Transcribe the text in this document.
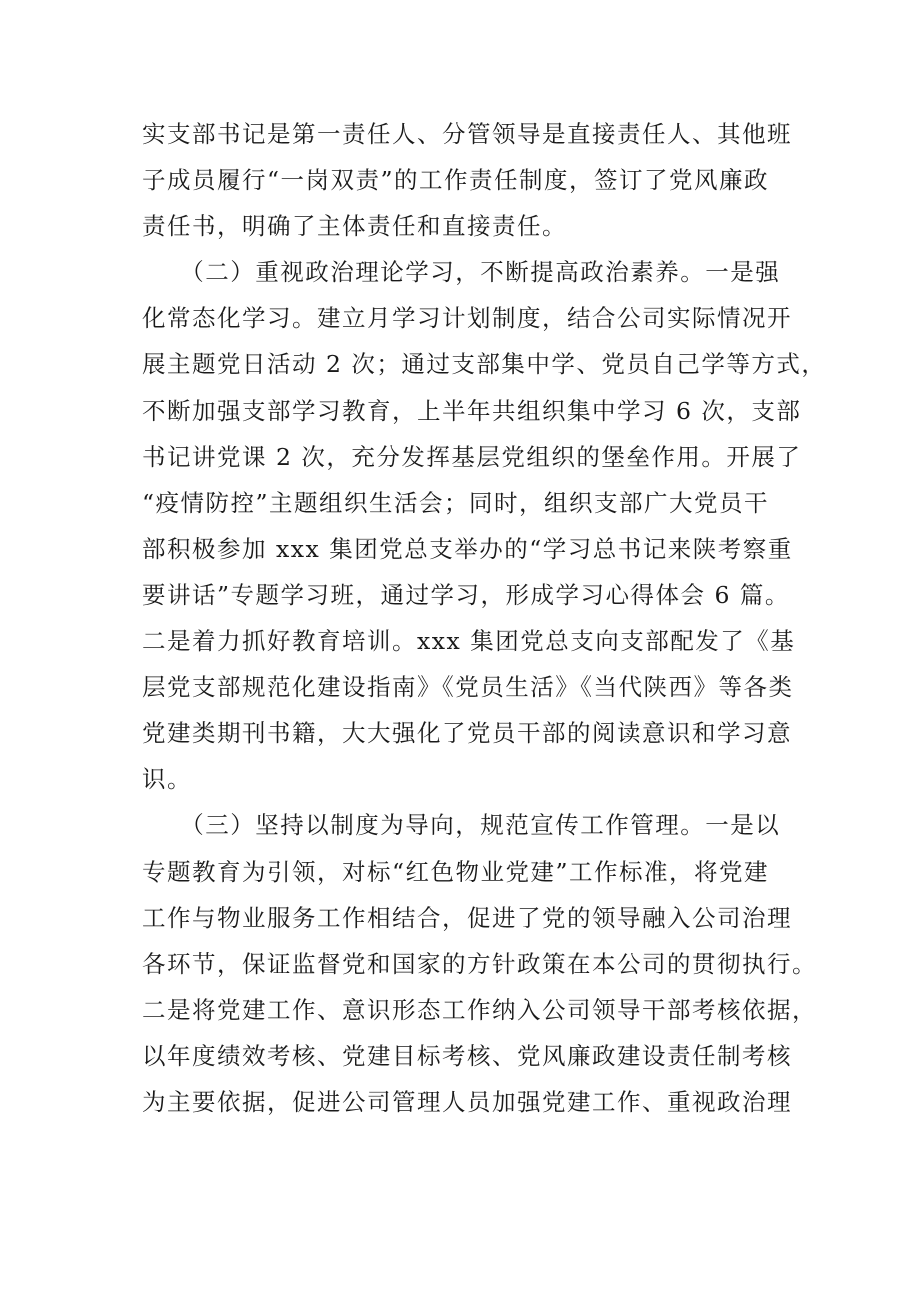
实支部书记是第一责任人、分管领导是直接责任人、其他班
子成员履行“一岗双责”的工作责任制度，签订了党风廉政
责任书，明确了主体责任和直接责任。
　　（二）重视政治理论学习，不断提高政治素养。一是强
化常态化学习。建立月学习计划制度，结合公司实际情况开
展主题党日活动 2 次；通过支部集中学、党员自己学等方式，
不断加强支部学习教育，上半年共组织集中学习 6 次，支部
书记讲党课 2 次，充分发挥基层党组织的堡垒作用。开展了
“疫情防控”主题组织生活会；同时，组织支部广大党员干
部积极参加 xxx 集团党总支举办的“学习总书记来陕考察重
要讲话”专题学习班，通过学习，形成学习心得体会 6 篇。
二是着力抓好教育培训。xxx 集团党总支向支部配发了《基
层党支部规范化建设指南》《党员生活》《当代陕西》等各类
党建类期刊书籍，大大强化了党员干部的阅读意识和学习意
识。
　　（三）坚持以制度为导向，规范宣传工作管理。一是以
专题教育为引领，对标“红色物业党建”工作标准，将党建
工作与物业服务工作相结合，促进了党的领导融入公司治理
各环节，保证监督党和国家的方针政策在本公司的贯彻执行。
二是将党建工作、意识形态工作纳入公司领导干部考核依据，
以年度绩效考核、党建目标考核、党风廉政建设责任制考核
为主要依据，促进公司管理人员加强党建工作、重视政治理
